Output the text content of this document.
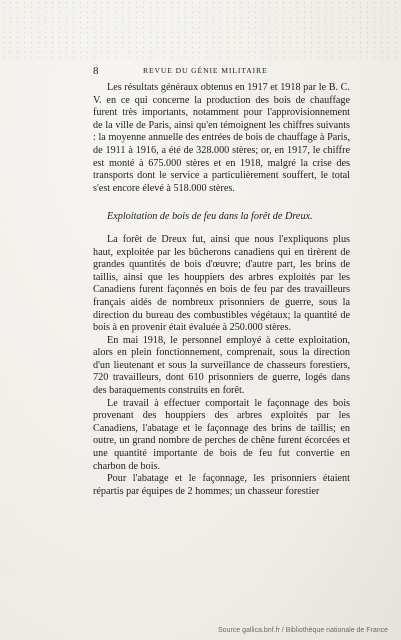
8	REVUE DU GÉNIE MILITAIRE

Les résultats généraux obtenus en 1917 et 1918 par le B. C. V. en ce qui concerne la production des bois de chauffage furent très importants, notamment pour l'approvisionnement de la ville de Paris, ainsi qu'en témoignent les chiffres suivants : la moyenne annuelle des entrées de bois de chauffage à Paris, de 1911 à 1916, a été de 328.000 stères; or, en 1917, le chiffre est monté à 675.000 stères et en 1918, malgré la crise des transports dont le service a particulièrement souffert, le total s'est encore élevé à 518.000 stères.

Exploitation de bois de feu dans la forêt de Dreux.

La forêt de Dreux fut, ainsi que nous l'expliquons plus haut, exploitée par les bûcherons canadiens qui en tirèrent de grandes quantités de bois d'œuvre; d'autre part, les brins de taillis, ainsi que les houppiers des arbres exploités par les Canadiens furent façonnés en bois de feu par des travailleurs français aidés de nombreux prisonniers de guerre, sous la direction du bureau des combustibles végétaux; la quantité de bois à en provenir était évaluée à 250.000 stères.

En mai 1918, le personnel employé à cette exploitation, alors en plein fonctionnement, comprenait, sous la direction d'un lieutenant et sous la surveillance de chasseurs forestiers, 720 travailleurs, dont 610 prisonniers de guerre, logés dans des baraquements construits en forêt.

Le travail à effectuer comportait le façonnage des bois provenant des houppiers des arbres exploités par les Canadiens, l'abatage et le façonnage des brins de taillis; en outre, un grand nombre de perches de chêne furent écorcées et une quantité importante de bois de feu fut convertie en charbon de bois.

Pour l'abatage et le façonnage, les prisonniers étaient répartis par équipes de 2 hommes; un chasseur forestier

Source gallica.bnf.fr / Bibliothèque nationale de France
